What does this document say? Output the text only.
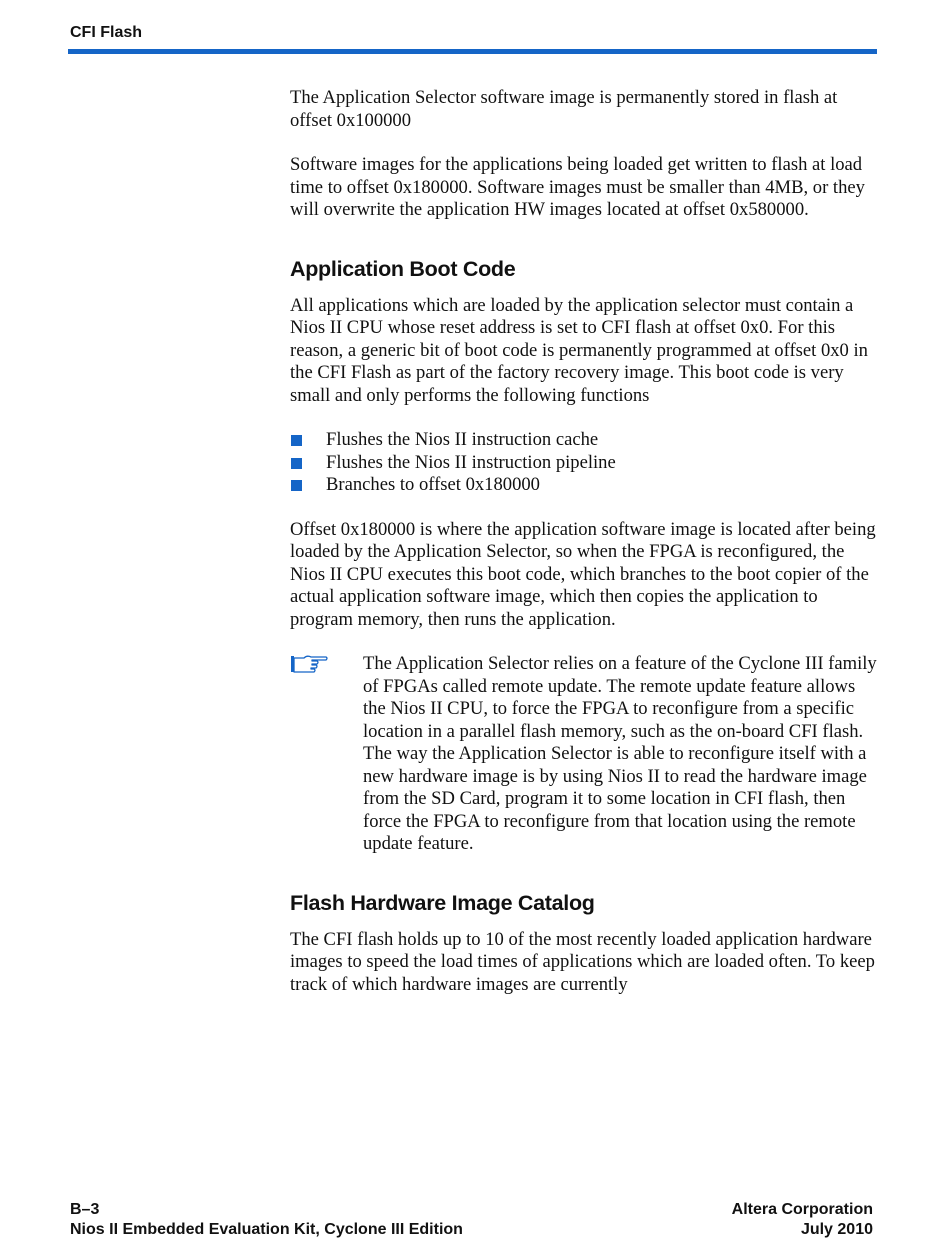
CFI Flash

The Application Selector software image is permanently stored in flash at offset 0x100000

Software images for the applications being loaded get written to flash at load time to offset 0x180000. Software images must be smaller than 4MB, or they will overwrite the application HW images located at offset 0x580000.

Application Boot Code

All applications which are loaded by the application selector must contain a Nios II CPU whose reset address is set to CFI flash at offset 0x0. For this reason, a generic bit of boot code is permanently programmed at offset 0x0 in the CFI Flash as part of the factory recovery image. This boot code is very small and only performs the following functions

Flushes the Nios II instruction cache
Flushes the Nios II instruction pipeline
Branches to offset 0x180000

Offset 0x180000 is where the application software image is located after being loaded by the Application Selector, so when the FPGA is reconfigured, the Nios II CPU executes this boot code, which branches to the boot copier of the actual application software image, which then copies the application to program memory, then runs the application.

The Application Selector relies on a feature of the Cyclone III family of FPGAs called remote update. The remote update feature allows the Nios II CPU, to force the FPGA to reconfigure from a specific location in a parallel flash memory, such as the on-board CFI flash. The way the Application Selector is able to reconfigure itself with a new hardware image is by using Nios II to read the hardware image from the SD Card, program it to some location in CFI flash, then force the FPGA to reconfigure from that location using the remote update feature.
Flash Hardware Image Catalog

The CFI flash holds up to 10 of the most recently loaded application hardware images to speed the load times of applications which are loaded often. To keep track of which hardware images are currently

B–3	Altera Corporation
Nios II Embedded Evaluation Kit, Cyclone III Edition	July 2010
